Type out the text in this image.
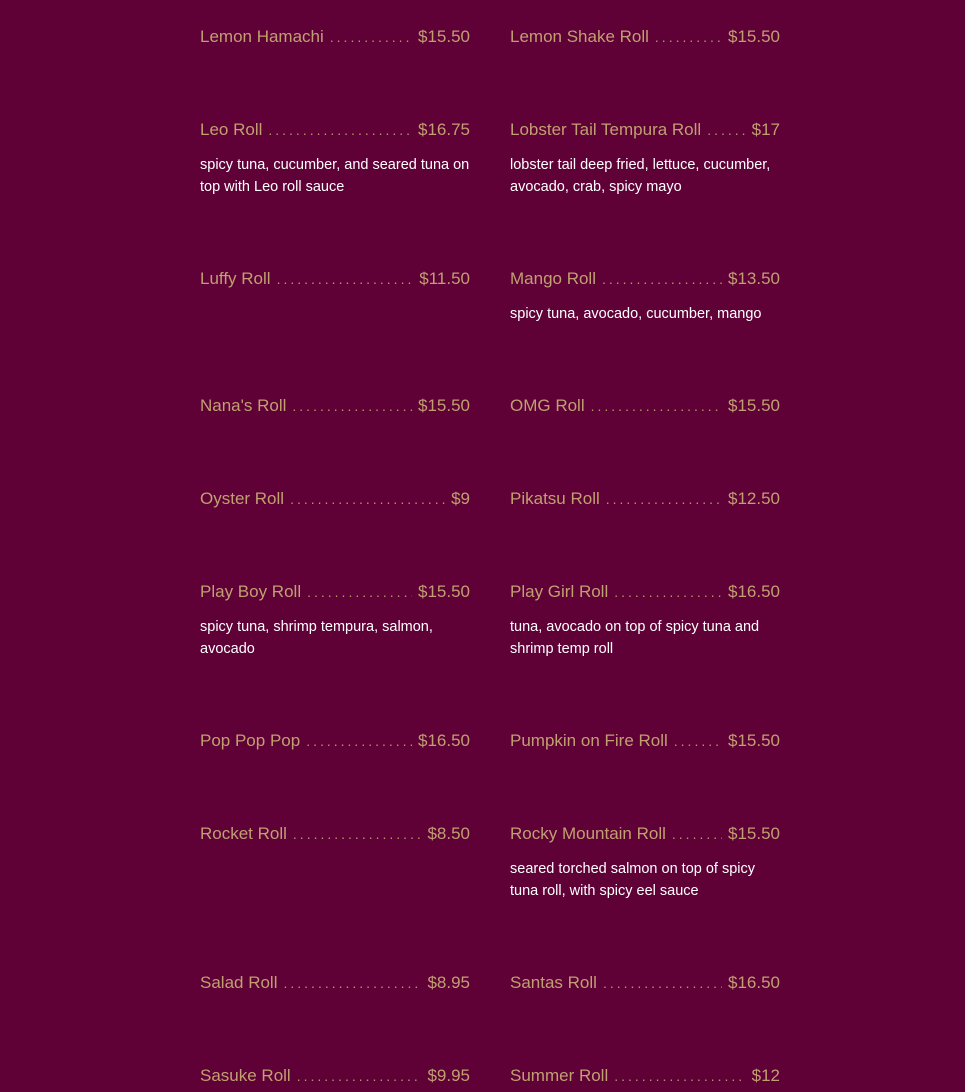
Lemon Hamachi .....	$15.50 Lemon Shake Roll .....	$15.50
Leo Roll .....	$16.75
spicy tuna, cucumber, and seared tuna on top with Leo roll sauce
Lobster Tail Tempura Roll .....	$17
lobster tail deep fried, lettuce, cucumber, avocado, crab, spicy mayo
Luffy Roll .....	$11.50 Mango Roll .....	$13.50
spicy tuna, avocado, cucumber, mango
Nana's Roll .....	$15.50 OMG Roll .....	$15.50
Oyster Roll .....	$9 Pikatsu Roll .....	$12.50
Play Boy Roll .....	$15.50
spicy tuna, shrimp tempura, salmon, avocado
Play Girl Roll .....	$16.50
tuna, avocado on top of spicy tuna and shrimp temp roll
Pop Pop Pop .....	$16.50 Pumpkin on Fire Roll .....	$15.50
Rocket Roll .....	$8.50 Rocky Mountain Roll .....	$15.50
seared torched salmon on top of spicy tuna roll, with spicy eel sauce
Salad Roll .....	$8.95 Santas Roll .....	$16.50
Sasuke Roll .....	$9.95 Summer Roll .....	$12
